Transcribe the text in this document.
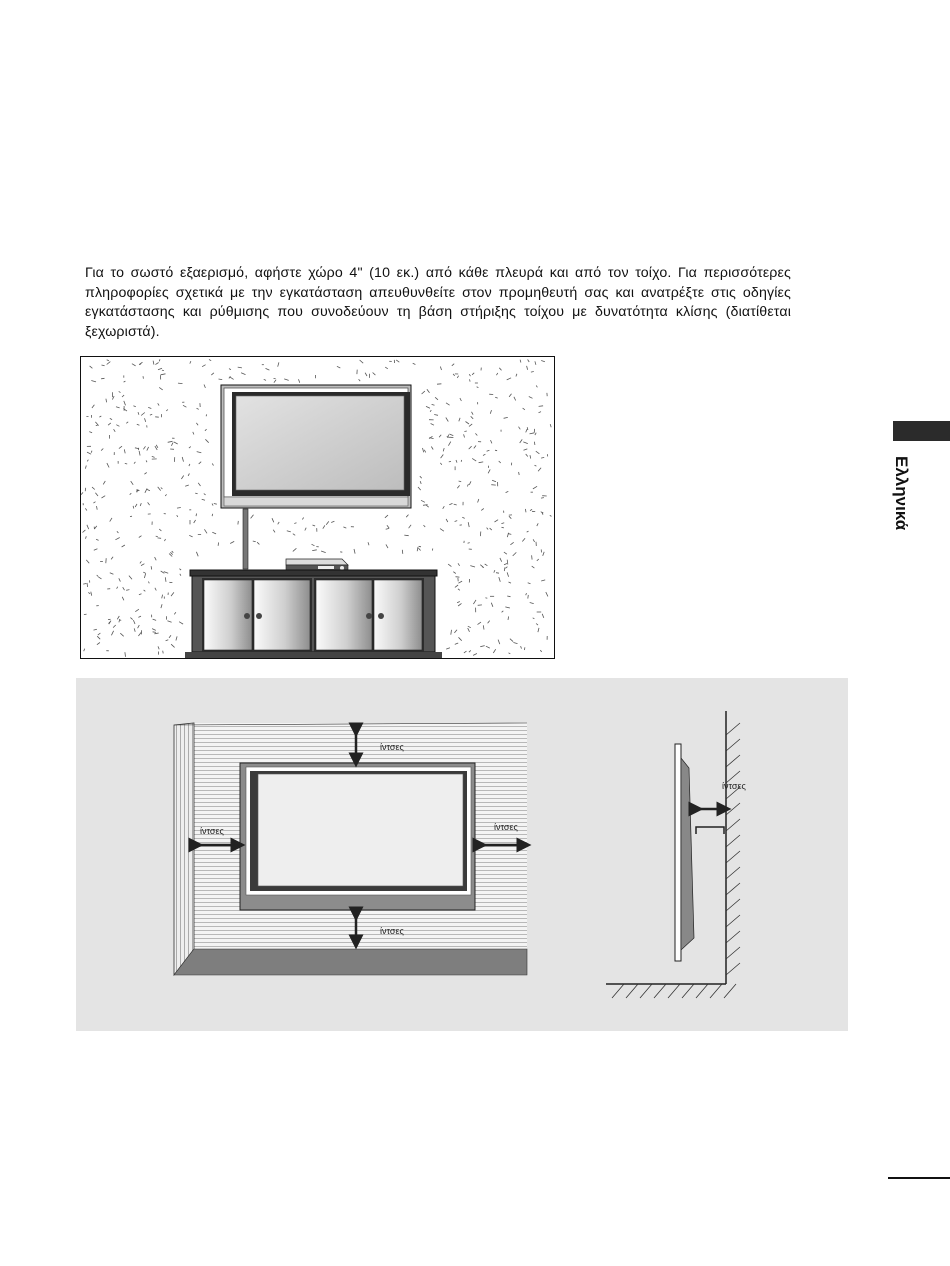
Για το σωστό εξαερισμό, αφήστε χώρο 4" (10 εκ.) από κάθε πλευρά και από τον τοίχο. Για περισσότερες πληροφορίες σχετικά με την εγκατάσταση απευθυνθείτε στον προμηθευτή σας και ανατρέξτε στις οδηγίες εγκατάστασης και ρύθμισης που συνοδεύουν τη βάση στήριξης τοίχου με δυνατότητα κλίσης (διατίθεται ξεχωριστά).

Ελληνικά
ίντσες
ίντσες	ίντσες
ίντσες
ίντσες
